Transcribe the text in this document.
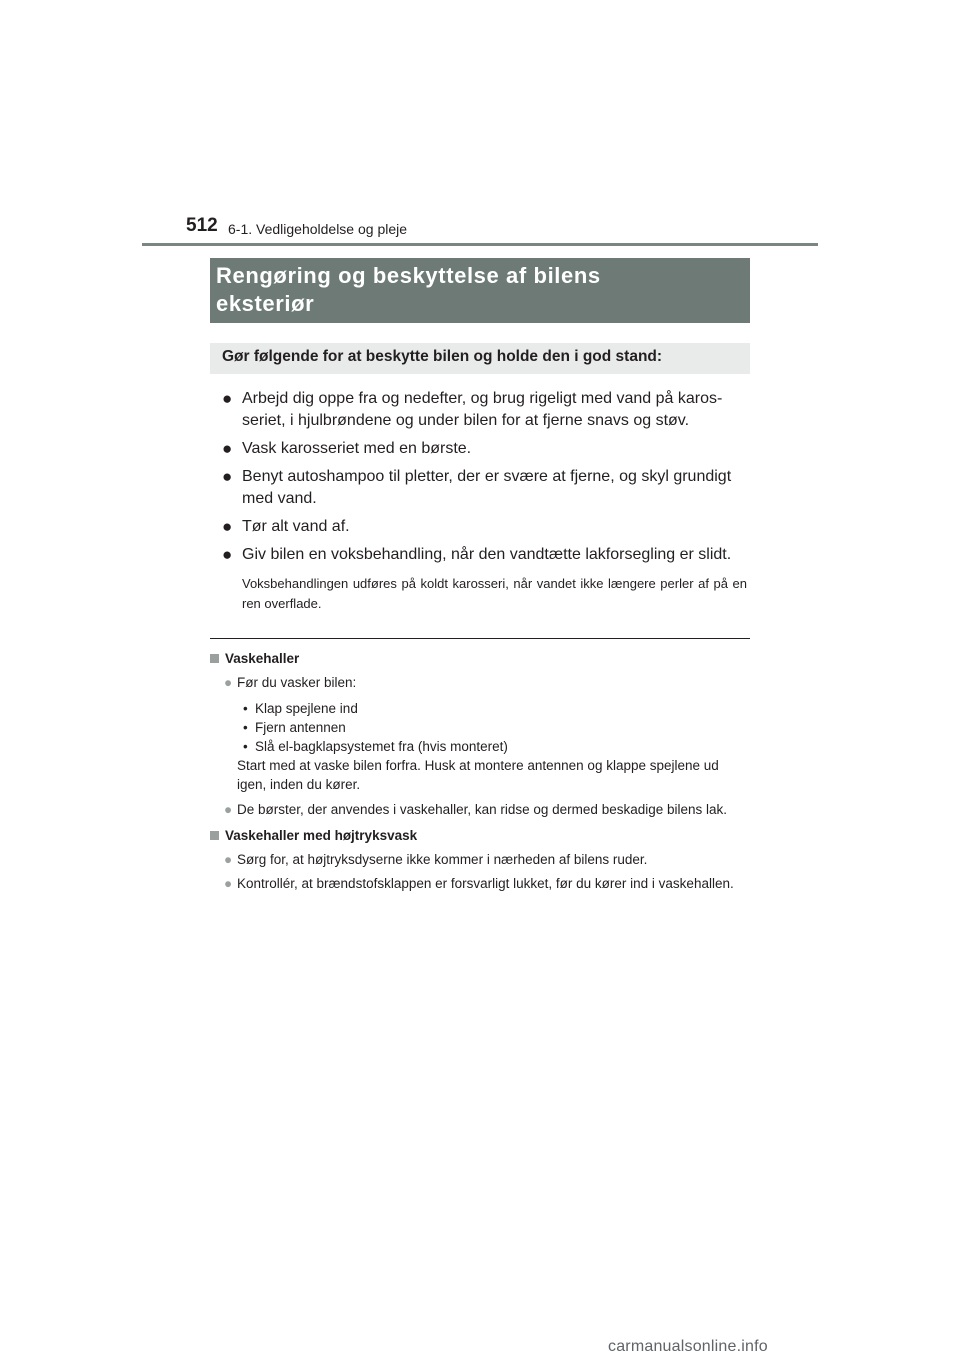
512 6-1. Vedligeholdelse og pleje
Rengøring og beskyttelse af bilens
eksteriør
Gør følgende for at beskytte bilen og holde den i god stand:
● Arbejd dig oppe fra og nedefter, og brug rigeligt med vand på karos-seriet, i hjulbrøndene og under bilen for at fjerne snavs og støv.
● Vask karosseriet med en børste.
● Benyt autoshampoo til pletter, der er svære at fjerne, og skyl grundigt med vand.
● Tør alt vand af.
● Giv bilen en voksbehandling, når den vandtætte lakforsegling er slidt.
Voksbehandlingen udføres på koldt karosseri, når vandet ikke længere perler af på en ren overflade.
Vaskehaller
● Før du vasker bilen:
• Klap spejlene ind
• Fjern antennen
• Slå el-bagklapsystemet fra (hvis monteret)
Start med at vaske bilen forfra. Husk at montere antennen og klappe spejlene ud igen, inden du kører.
● De børster, der anvendes i vaskehaller, kan ridse og dermed beskadige bilens lak.
Vaskehaller med højtryksvask
● Sørg for, at højtryksdyserne ikke kommer i nærheden af bilens ruder.
● Kontrollér, at brændstofsklappen er forsvarligt lukket, før du kører ind i vaskehallen.
carmanualsonline.info
